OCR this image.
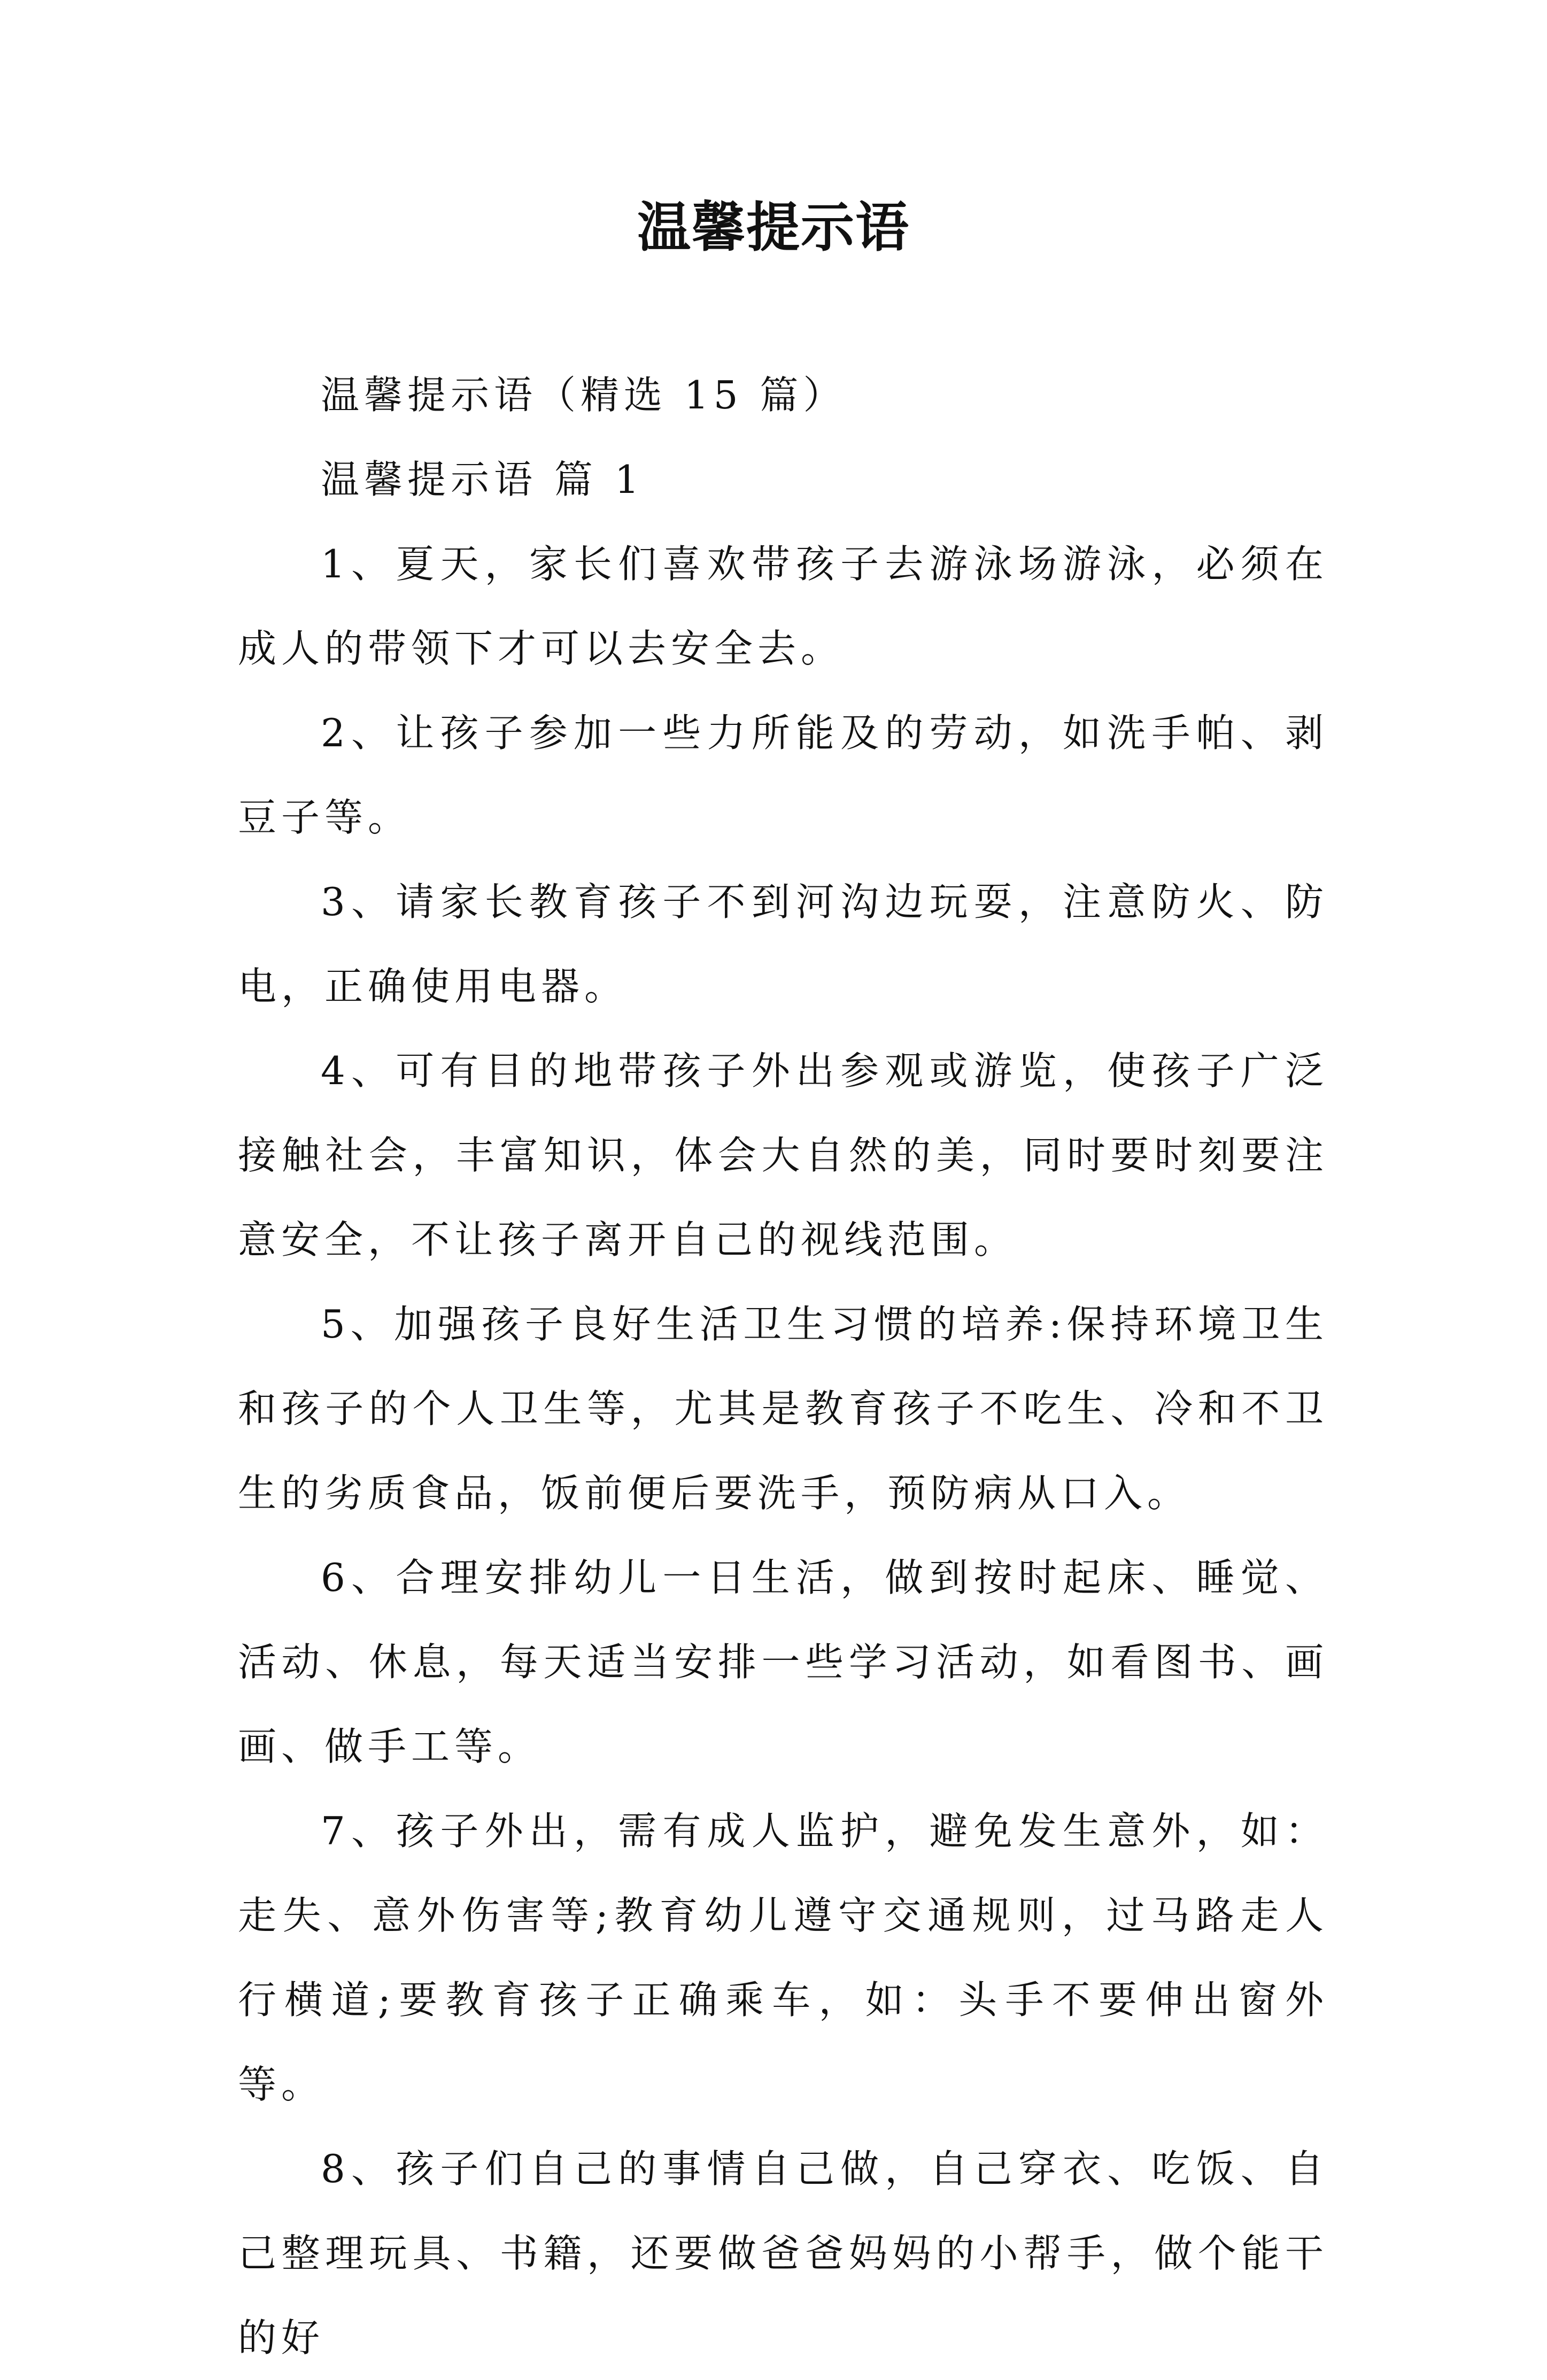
温馨提示语

温馨提示语（精选 15 篇）

温馨提示语 篇 1

1、夏天，家长们喜欢带孩子去游泳场游泳，必须在成人的带领下才可以去安全去。

2、让孩子参加一些力所能及的劳动，如洗手帕、剥豆子等。

3、请家长教育孩子不到河沟边玩耍，注意防火、防电，正确使用电器。

4、可有目的地带孩子外出参观或游览，使孩子广泛接触社会，丰富知识，体会大自然的美，同时要时刻要注意安全，不让孩子离开自己的视线范围。

5、加强孩子良好生活卫生习惯的培养:保持环境卫生和孩子的个人卫生等，尤其是教育孩子不吃生、冷和不卫生的劣质食品，饭前便后要洗手，预防病从口入。

6、合理安排幼儿一日生活，做到按时起床、睡觉、活动、休息，每天适当安排一些学习活动，如看图书、画画、做手工等。

7、孩子外出，需有成人监护，避免发生意外，如：走失、意外伤害等;教育幼儿遵守交通规则，过马路走人行横道;要教育孩子正确乘车，如：头手不要伸出窗外等。

8、孩子们自己的事情自己做，自己穿衣、吃饭、自己整理玩具、书籍，还要做爸爸妈妈的小帮手，做个能干的好
